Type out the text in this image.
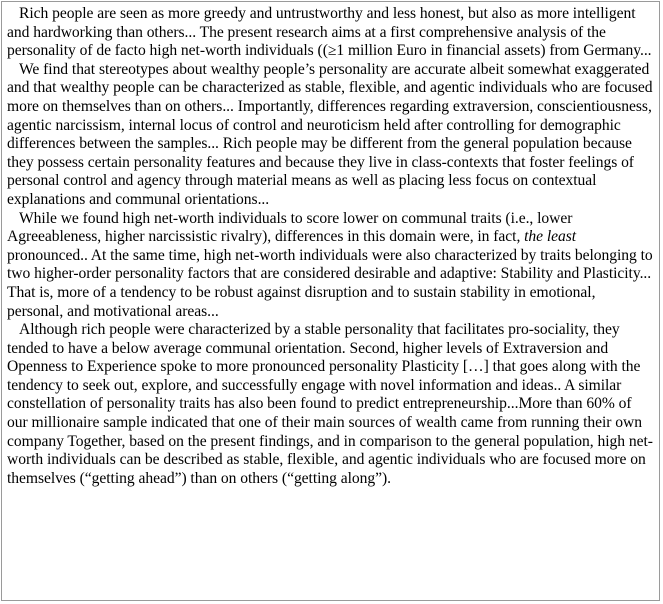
Rich people are seen as more greedy and untrustworthy and less honest, but also as more intelligent and hardworking than others... The present research aims at a first comprehensive analysis of the personality of de facto high net-worth individuals ((≥1 million Euro in financial assets) from Germany...

We find that stereotypes about wealthy people’s personality are accurate albeit somewhat exaggerated and that wealthy people can be characterized as stable, flexible, and agentic individuals who are focused more on themselves than on others... Importantly, differences regarding extraversion, conscientiousness, agentic narcissism, internal locus of control and neuroticism held after controlling for demographic differences between the samples... Rich people may be different from the general population because they possess certain personality features and because they live in class-contexts that foster feelings of personal control and agency through material means as well as placing less focus on contextual explanations and communal orientations...

While we found high net-worth individuals to score lower on communal traits (i.e., lower Agreeableness, higher narcissistic rivalry), differences in this domain were, in fact, the least pronounced.. At the same time, high net-worth individuals were also characterized by traits belonging to two higher-order personality factors that are considered desirable and adaptive: Stability and Plasticity... That is, more of a tendency to be robust against disruption and to sustain stability in emotional, personal, and motivational areas...

Although rich people were characterized by a stable personality that facilitates pro-sociality, they tended to have a below average communal orientation. Second, higher levels of Extraversion and Openness to Experience spoke to more pronounced personality Plasticity […] that goes along with the tendency to seek out, explore, and successfully engage with novel information and ideas.. A similar constellation of personality traits has also been found to predict entrepreneurship...More than 60% of our millionaire sample indicated that one of their main sources of wealth came from running their own company Together, based on the present findings, and in comparison to the general population, high net-worth individuals can be described as stable, flexible, and agentic individuals who are focused more on themselves (“getting ahead”) than on others (“getting along”).
